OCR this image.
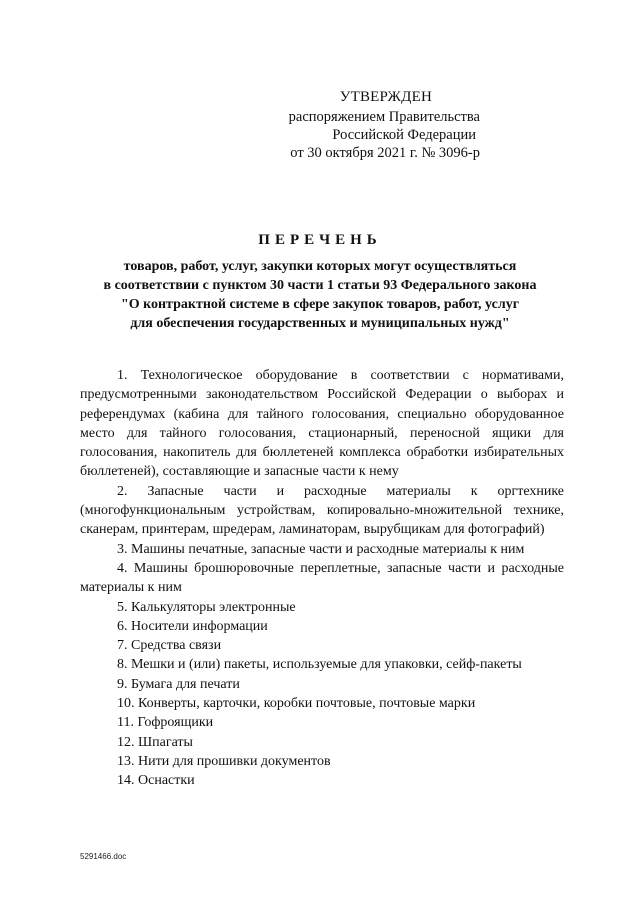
УТВЕРЖДЕН
распоряжением Правительства
Российской Федерации
от 30 октября 2021 г. № 3096-р
ПЕРЕЧЕНЬ
товаров, работ, услуг, закупки которых могут осуществляться
в соответствии с пунктом 30 части 1 статьи 93 Федерального закона
"О контрактной системе в сфере закупок товаров, работ, услуг
для обеспечения государственных и муниципальных нужд"

1. Технологическое оборудование в соответствии с нормативами, предусмотренными законодательством Российской Федерации о выборах и референдумах (кабина для тайного голосования, специально оборудованное место для тайного голосования, стационарный, переносной ящики для голосования, накопитель для бюллетеней комплекса обработки избирательных бюллетеней), составляющие и запасные части к нему

2. Запасные части и расходные материалы к оргтехнике (многофункциональным устройствам, копировально-множительной технике, сканерам, принтерам, шредерам, ламинаторам, вырубщикам для фотографий)

3. Машины печатные, запасные части и расходные материалы к ним

4. Машины брошюровочные переплетные, запасные части и расходные материалы к ним

5. Калькуляторы электронные

6. Носители информации

7. Средства связи

8. Мешки и (или) пакеты, используемые для упаковки, сейф-пакеты

9. Бумага для печати

10. Конверты, карточки, коробки почтовые, почтовые марки

11. Гофроящики

12. Шпагаты

13. Нити для прошивки документов

14. Оснастки

5291466.doc
